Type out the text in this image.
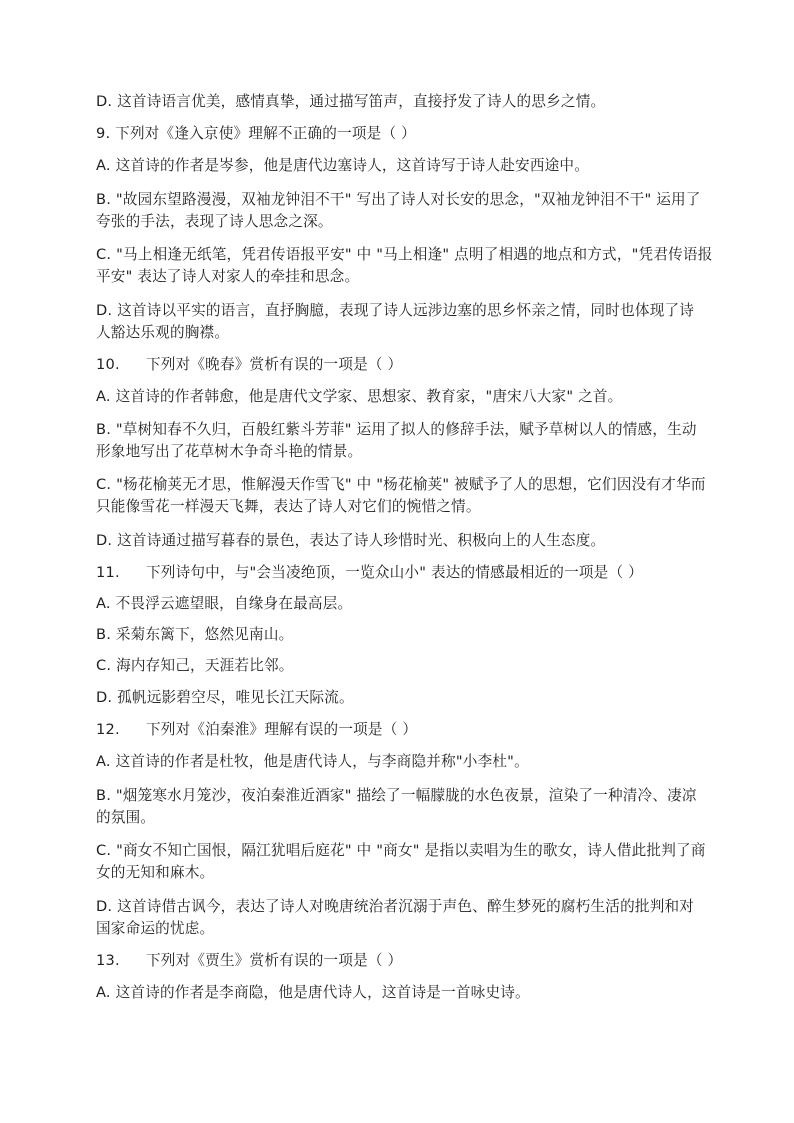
D. 这首诗语言优美，感情真挚，通过描写笛声，直接抒发了诗人的思乡之情。
9. 下列对《逢入京使》理解不正确的一项是（ ）
A. 这首诗的作者是岑参，他是唐代边塞诗人，这首诗写于诗人赴安西途中。
B. "故园东望路漫漫，双袖龙钟泪不干" 写出了诗人对长安的思念，"双袖龙钟泪不干" 运用了
夸张的手法，表现了诗人思念之深。
C. "马上相逢无纸笔，凭君传语报平安" 中 "马上相逢" 点明了相遇的地点和方式，"凭君传语报
平安" 表达了诗人对家人的牵挂和思念。
D. 这首诗以平实的语言，直抒胸臆，表现了诗人远涉边塞的思乡怀亲之情，同时也体现了诗
人豁达乐观的胸襟。
10. 下列对《晚春》赏析有误的一项是（ ）
A. 这首诗的作者韩愈，他是唐代文学家、思想家、教育家，"唐宋八大家" 之首。
B. "草树知春不久归，百般红紫斗芳菲" 运用了拟人的修辞手法，赋予草树以人的情感，生动
形象地写出了花草树木争奇斗艳的情景。
C. "杨花榆荚无才思，惟解漫天作雪飞" 中 "杨花榆荚" 被赋予了人的思想，它们因没有才华而
只能像雪花一样漫天飞舞，表达了诗人对它们的惋惜之情。
D. 这首诗通过描写暮春的景色，表达了诗人珍惜时光、积极向上的人生态度。
11. 下列诗句中，与"会当凌绝顶，一览众山小" 表达的情感最相近的一项是（ ）
A. 不畏浮云遮望眼，自缘身在最高层。
B. 采菊东篱下，悠然见南山。
C. 海内存知己，天涯若比邻。
D. 孤帆远影碧空尽，唯见长江天际流。
12. 下列对《泊秦淮》理解有误的一项是（ ）
A. 这首诗的作者是杜牧，他是唐代诗人，与李商隐并称"小李杜"。
B. "烟笼寒水月笼沙，夜泊秦淮近酒家" 描绘了一幅朦胧的水色夜景，渲染了一种清冷、凄凉
的氛围。
C. "商女不知亡国恨，隔江犹唱后庭花" 中 "商女" 是指以卖唱为生的歌女，诗人借此批判了商
女的无知和麻木。
D. 这首诗借古讽今，表达了诗人对晚唐统治者沉溺于声色、醉生梦死的腐朽生活的批判和对
国家命运的忧虑。
13. 下列对《贾生》赏析有误的一项是（ ）
A. 这首诗的作者是李商隐，他是唐代诗人，这首诗是一首咏史诗。
